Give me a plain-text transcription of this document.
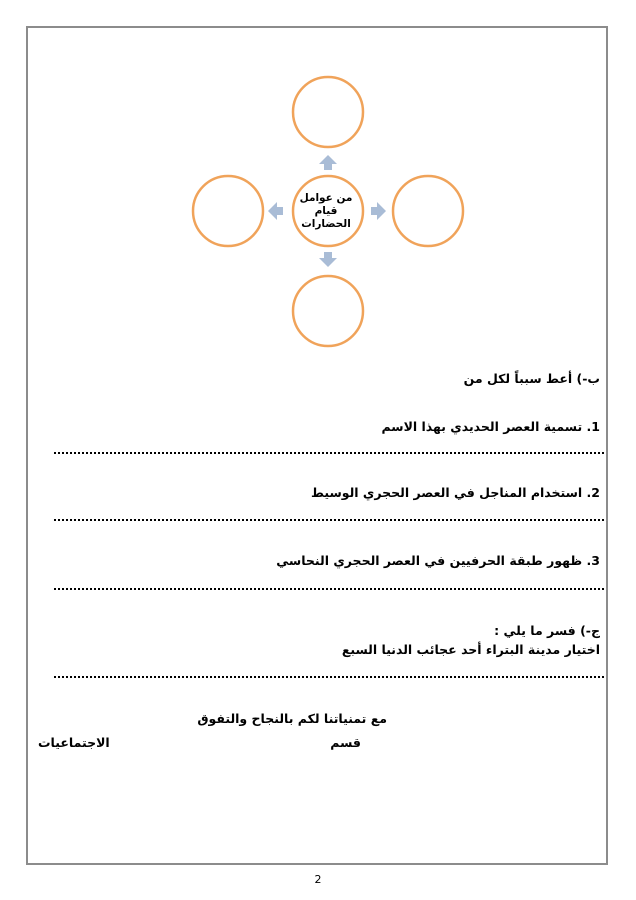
من عوامل
قيام
الحضارات
ب-) أعط سبباً لكل من
1. تسمية العصر الحديدي بهذا الاسم
2. استخدام المناجل في العصر الحجري الوسيط
3. ظهور طبقة الحرفيين في العصر الحجري النحاسي
ج-) فسر ما يلي :
اختيار مدينة البتراء أحد عجائب الدنيا السبع
مع تمنياتنا لكم بالنجاح والتفوق
قسم
الاجتماعيات
2
